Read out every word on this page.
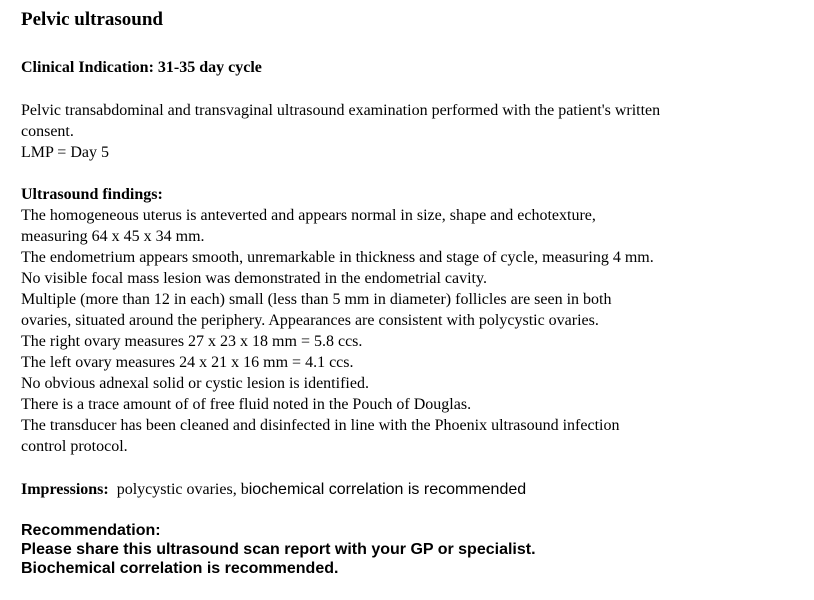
Pelvic ultrasound
Clinical Indication: 31-35 day cycle
Pelvic transabdominal and transvaginal ultrasound examination performed with the patient's written
consent.
LMP = Day 5
Ultrasound findings:
The homogeneous uterus is anteverted and appears normal in size, shape and echotexture,
measuring 64 x 45 x 34 mm.
The endometrium appears smooth, unremarkable in thickness and stage of cycle, measuring 4 mm.
No visible focal mass lesion was demonstrated in the endometrial cavity.
Multiple (more than 12 in each) small (less than 5 mm in diameter) follicles are seen in both
ovaries, situated around the periphery. Appearances are consistent with polycystic ovaries.
The right ovary measures 27 x 23 x 18 mm = 5.8 ccs.
The left ovary measures 24 x 21 x 16 mm = 4.1 ccs.
No obvious adnexal solid or cystic lesion is identified.
There is a trace amount of of free fluid noted in the Pouch of Douglas.
The transducer has been cleaned and disinfected in line with the Phoenix ultrasound infection
control protocol.
Impressions: polycystic ovaries, biochemical correlation is recommended
Recommendation:
Please share this ultrasound scan report with your GP or specialist.
Biochemical correlation is recommended.
